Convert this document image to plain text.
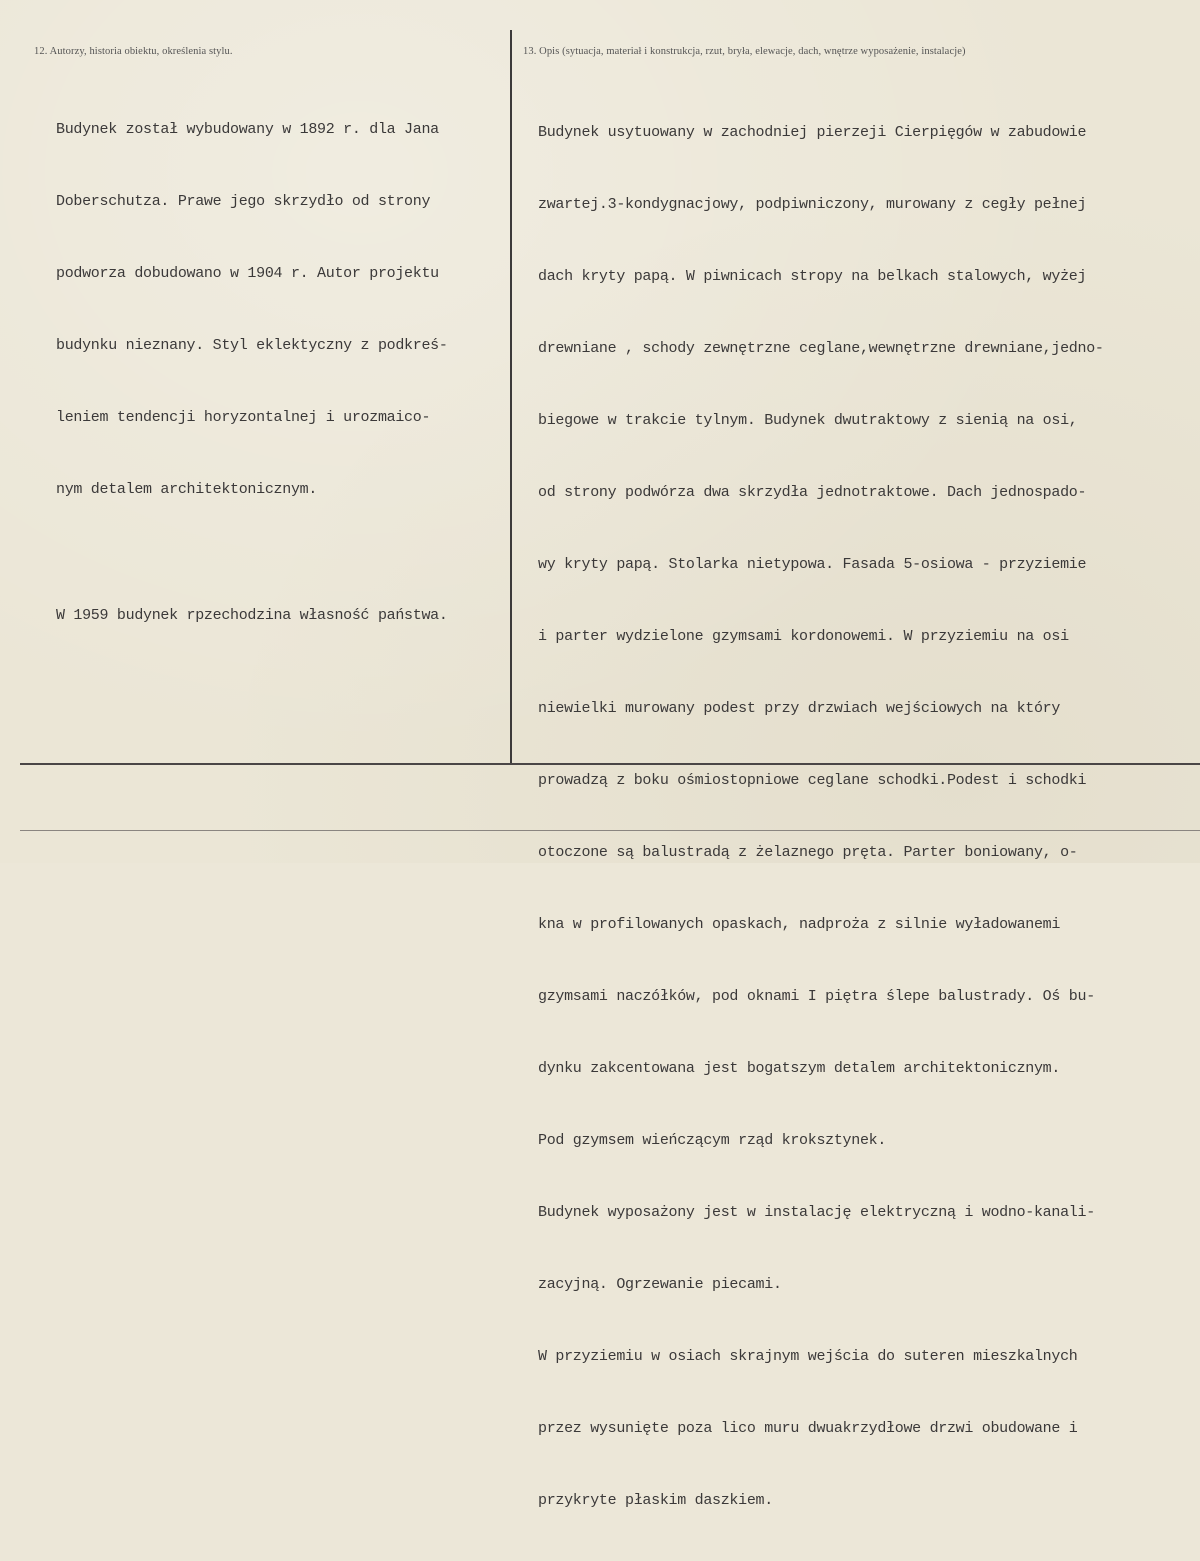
12. Autorzy, historia obiektu, określenia stylu.	13. Opis (sytuacja, materiał i konstrukcja, rzut, bryła, elewacje, dach, wnętrze wyposażenie, instalacje)

Budynek został wybudowany w 1892 r. dla Jana

Doberschutza. Prawe jego skrzydło od strony

podworza dobudowano w 1904 r. Autor projektu

budynku nieznany. Styl eklektyczny z podkreś-

leniem tendencji horyzontalnej i urozmaico-

nym detalem architektonicznym.

W 1959 budynek rpzechodzina własność państwa.

Budynek usytuowany w zachodniej pierzeji Cierpięgów w zabudowie

zwartej.3-kondygnacjowy, podpiwniczony, murowany z cegły pełnej

dach kryty papą. W piwnicach stropy na belkach stalowych, wyżej

drewniane , schody zewnętrzne ceglane,wewnętrzne drewniane,jedno-

biegowe w trakcie tylnym. Budynek dwutraktowy z sienią na osi,

od strony podwórza dwa skrzydła jednotraktowe. Dach jednospado-

wy kryty papą. Stolarka nietypowa. Fasada 5-osiowa - przyziemie

i parter wydzielone gzymsami kordonowemi. W przyziemiu na osi

niewielki murowany podest przy drzwiach wejściowych na który

prowadzą z boku ośmiostopniowe ceglane schodki.Podest i schodki

otoczone są balustradą z żelaznego pręta. Parter boniowany, o-

kna w profilowanych opaskach, nadproża z silnie wyładowanemi

gzymsami naczółków, pod oknami I piętra ślepe balustrady. Oś bu-

dynku zakcentowana jest bogatszym detalem architektonicznym.

Pod gzymsem wieńczącym rząd kroksztynek.

Budynek wyposażony jest w instalację elektryczną i wodno-kanali-

zacyjną. Ogrzewanie piecami.

W przyziemiu w osiach skrajnym wejścia do suteren mieszkalnych

przez wysunięte poza lico muru dwuakrzydłowe drzwi obudowane i

przykryte płaskim daszkiem.
